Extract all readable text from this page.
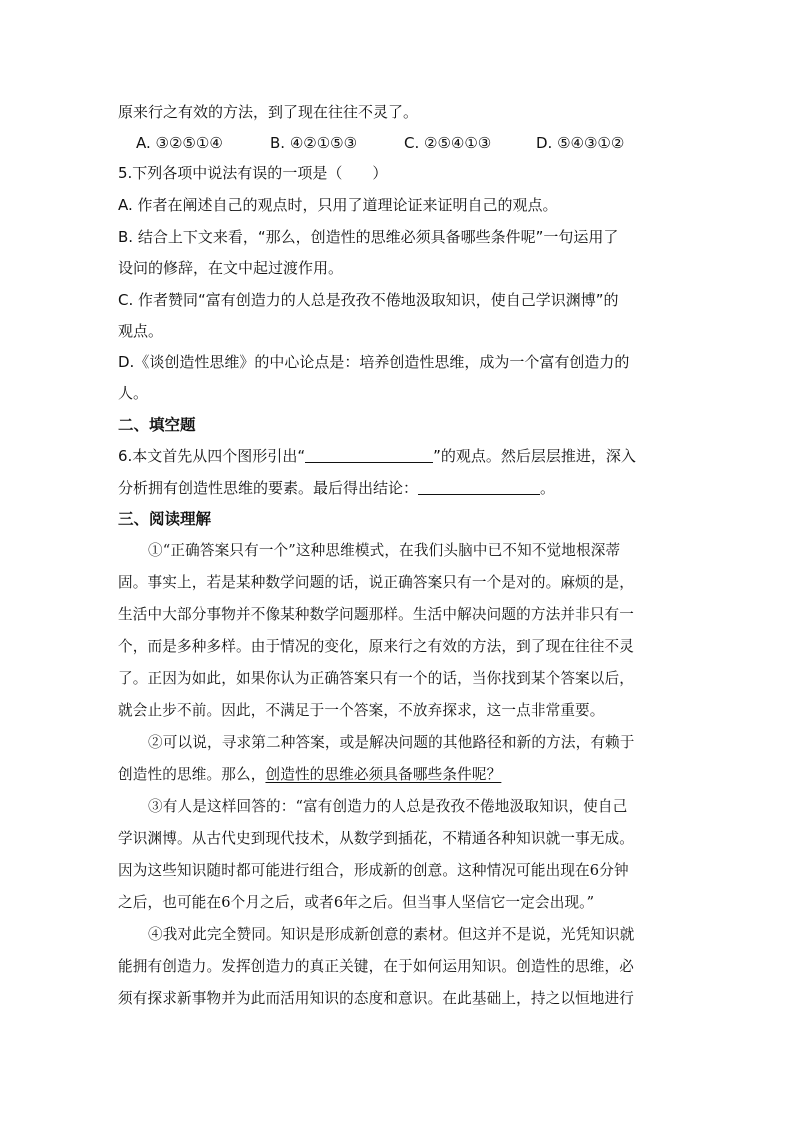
原来行之有效的方法，到了现在往往不灵了。
A. ③②⑤①④	B. ④②①⑤③	C. ②⑤④①③	D. ⑤④③①②
5.下列各项中说法有误的一项是（　　）
A. 作者在阐述自己的观点时，只用了道理论证来证明自己的观点。
B. 结合上下文来看，“那么，创造性的思维必须具备哪些条件呢”一句运用了
设问的修辞，在文中起过渡作用。
C. 作者赞同“富有创造力的人总是孜孜不倦地汲取知识，使自己学识渊博”的
观点。
D.《谈创造性思维》的中心论点是：培养创造性思维，成为一个富有创造力的
人。
二、填空题
6.本文首先从四个图形引出“	”的观点。然后层层推进，深入
分析拥有创造性思维的要素。最后得出结论：	。
三、阅读理解
①“正确答案只有一个”这种思维模式，在我们头脑中已不知不觉地根深蒂
固。事实上，若是某种数学问题的话，说正确答案只有一个是对的。麻烦的是，
生活中大部分事物并不像某种数学问题那样。生活中解决问题的方法并非只有一
个，而是多种多样。由于情况的变化，原来行之有效的方法，到了现在往往不灵
了。正因为如此，如果你认为正确答案只有一个的话，当你找到某个答案以后，
就会止步不前。因此，不满足于一个答案，不放弃探求，这一点非常重要。
②可以说，寻求第二种答案，或是解决问题的其他路径和新的方法，有赖于
创造性的思维。那么，创造性的思维必须具备哪些条件呢？
③有人是这样回答的：“富有创造力的人总是孜孜不倦地汲取知识，使自己
学识渊博。从古代史到现代技术，从数学到插花，不精通各种知识就一事无成。
因为这些知识随时都可能进行组合，形成新的创意。这种情况可能出现在6分钟
之后，也可能在6个月之后，或者6年之后。但当事人坚信它一定会出现。”
④我对此完全赞同。知识是形成新创意的素材。但这并不是说，光凭知识就
能拥有创造力。发挥创造力的真正关键，在于如何运用知识。创造性的思维，必
须有探求新事物并为此而活用知识的态度和意识。在此基础上，持之以恒地进行
